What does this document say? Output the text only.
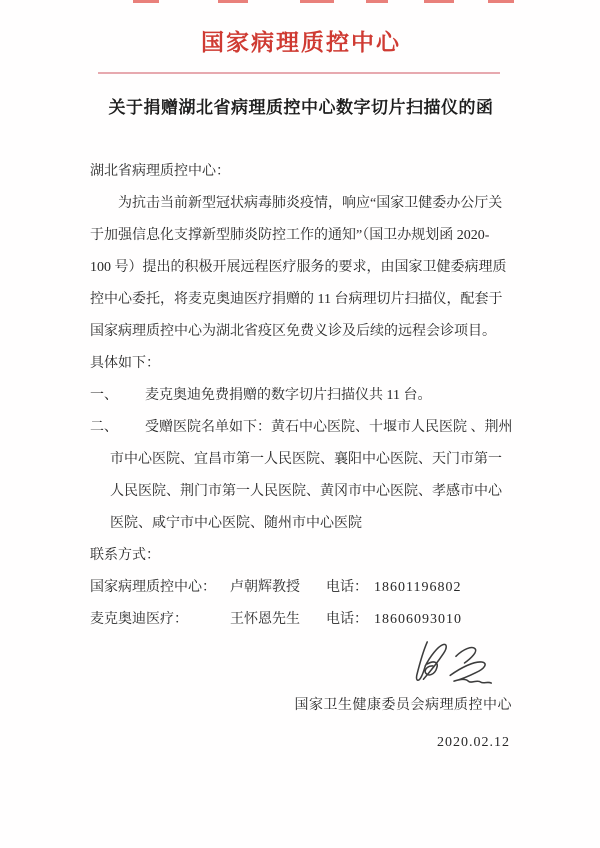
国家病理质控中心
关于捐赠湖北省病理质控中心数字切片扫描仪的函
湖北省病理质控中心：
为抗击当前新型冠状病毒肺炎疫情，响应“国家卫健委办公厅关
于加强信息化支撑新型肺炎防控工作的通知”（国卫办规划函 2020-
100 号）提出的积极开展远程医疗服务的要求，由国家卫健委病理质
控中心委托，将麦克奥迪医疗捐赠的 11 台病理切片扫描仪，配套于
国家病理质控中心为湖北省疫区免费义诊及后续的远程会诊项目。
具体如下：
一、	麦克奥迪免费捐赠的数字切片扫描仪共 11 台。
二、	受赠医院名单如下：黄石中心医院、十堰市人民医院 、荆州
市中心医院、宜昌市第一人民医院、襄阳中心医院、天门市第一
人民医院、荆门市第一人民医院、黄冈市中心医院、孝感市中心
医院、咸宁市中心医院、随州市中心医院
联系方式：
国家病理质控中心：	卢朝辉教授	电话： 18601196802
麦克奥迪医疗：	王怀恩先生	电话： 18606093010
国家卫生健康委员会病理质控中心
2020.02.12
